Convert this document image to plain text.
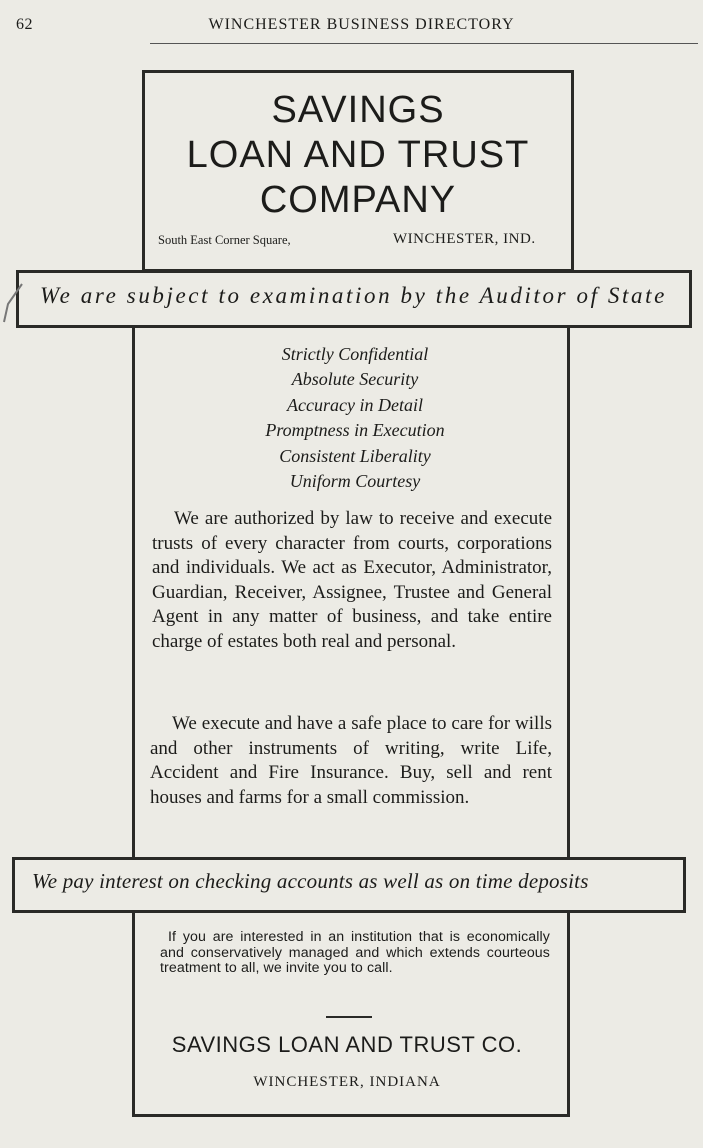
62	WINCHESTER BUSINESS DIRECTORY
SAVINGS
LOAN AND TRUST
COMPANY
South East Corner Square,	WINCHESTER, IND.
We are subject to examination by the Auditor of State
Strictly Confidential
Absolute Security
Accuracy in Detail
Promptness in Execution
Consistent Liberality
Uniform Courtesy
We are authorized by law to receive and execute trusts of every character from courts, corporations and individuals. We act as Executor, Administrator, Guardian, Receiver, Assignee, Trustee and General Agent in any matter of business, and take entire charge of estates both real and personal.
We execute and have a safe place to care for wills and other instruments of writing, write Life, Accident and Fire Insurance. Buy, sell and rent houses and farms for a small commission.
We pay interest on checking accounts as well as on time deposits
If you are interested in an institution that is economically and conservatively managed and which extends courteous treatment to all, we invite you to call.
SAVINGS LOAN AND TRUST CO.
WINCHESTER, INDIANA
